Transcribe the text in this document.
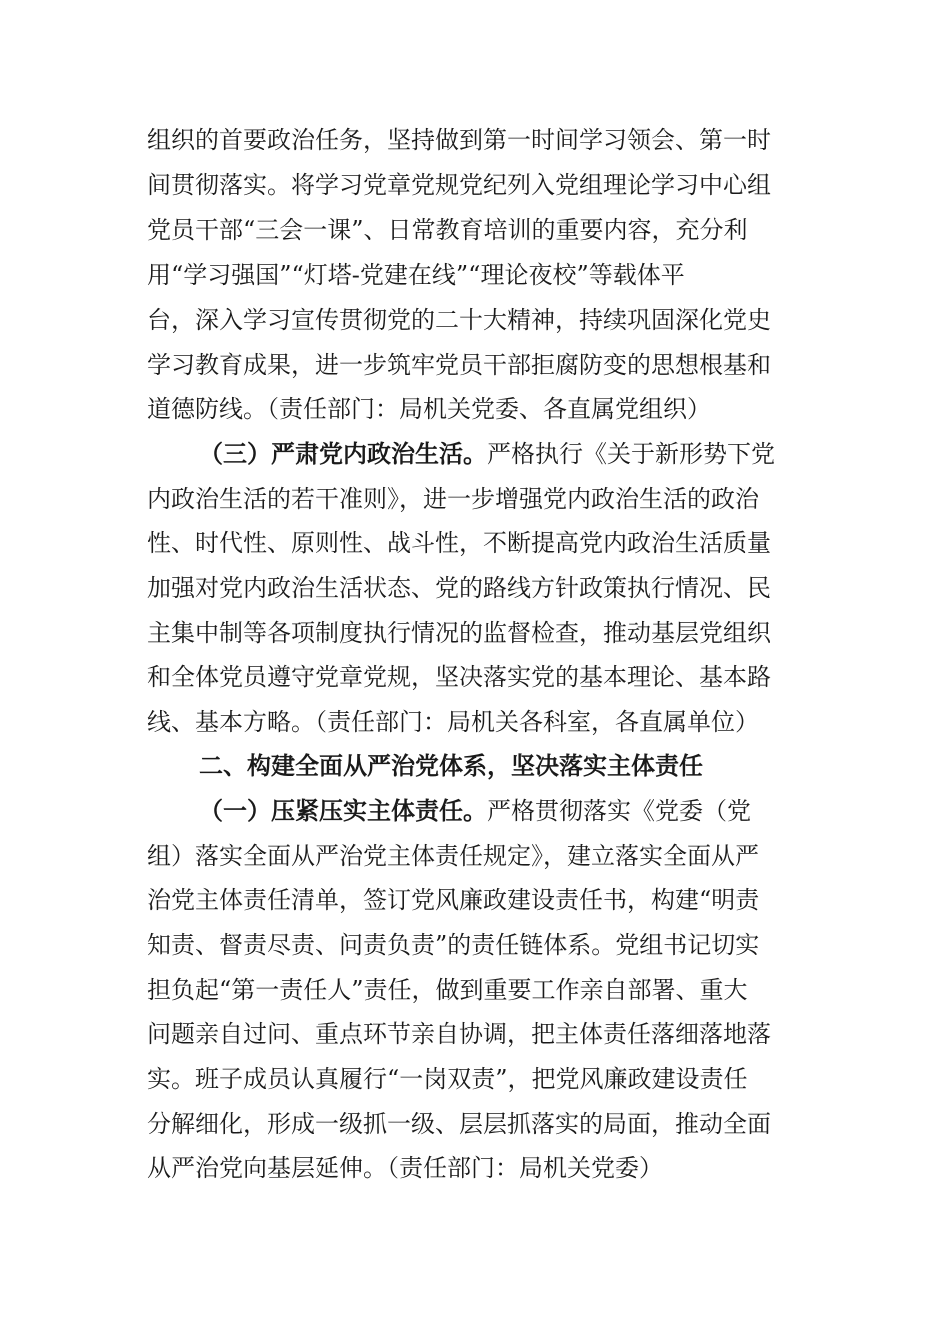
组织的首要政治任务，坚持做到第一时间学习领会、第一时
间贯彻落实。将学习党章党规党纪列入党组理论学习中心组
党员干部“三会一课”、日常教育培训的重要内容，充分利
用“学习强国”“灯塔-党建在线”“理论夜校”等载体平
台，深入学习宣传贯彻党的二十大精神，持续巩固深化党史
学习教育成果，进一步筑牢党员干部拒腐防变的思想根基和
道德防线。（责任部门：局机关党委、各直属党组织）
（三）严肃党内政治生活。严格执行《关于新形势下党
内政治生活的若干准则》，进一步增强党内政治生活的政治
性、时代性、原则性、战斗性，不断提高党内政治生活质量
加强对党内政治生活状态、党的路线方针政策执行情况、民
主集中制等各项制度执行情况的监督检查，推动基层党组织
和全体党员遵守党章党规，坚决落实党的基本理论、基本路
线、基本方略。（责任部门：局机关各科室，各直属单位）
二、构建全面从严治党体系，坚决落实主体责任
（一）压紧压实主体责任。严格贯彻落实《党委（党
组）落实全面从严治党主体责任规定》，建立落实全面从严
治党主体责任清单，签订党风廉政建设责任书，构建“明责
知责、督责尽责、问责负责”的责任链体系。党组书记切实
担负起“第一责任人”责任，做到重要工作亲自部署、重大
问题亲自过问、重点环节亲自协调，把主体责任落细落地落
实。班子成员认真履行“一岗双责”，把党风廉政建设责任
分解细化，形成一级抓一级、层层抓落实的局面，推动全面
从严治党向基层延伸。（责任部门：局机关党委）
